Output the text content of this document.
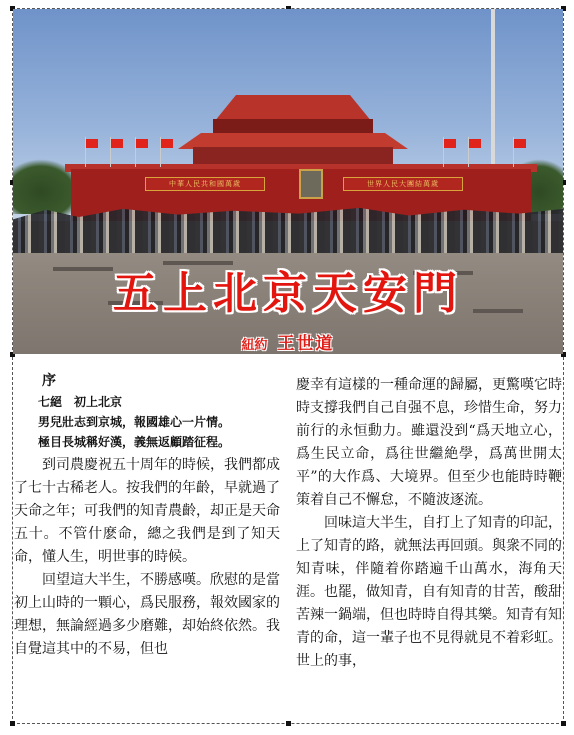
中華人民共和國萬歲	世界人民大團結萬歲
五上北京天安門
紐約 王世道

序

七絕　初上北京

男兒壯志到京城，報國雄心一片情。

極目長城稱好漢，義無返顧踏征程。

到司農慶祝五十周年的時候，我們都成了七十古稀老人。按我們的年齡，早就過了天命之年；可我們的知青農齡，却正是天命五十。不管什麽命，總之我們是到了知天命，懂人生，明世事的時候。

回望這大半生，不勝感嘆。欣慰的是當初上山時的一顆心，爲民服務，報效國家的理想，無論經過多少磨難，却始終依然。我自覺這其中的不易，但也

慶幸有這樣的一種命運的歸屬，更驚嘆它時時支撐我們自己自强不息，珍惜生命，努力前行的永恒動力。雖還没到“爲天地立心，爲生民立命，爲往世繼絶學，爲萬世開太平”的大作爲、大境界。但至少也能時時鞭策着自己不懈怠，不隨波逐流。

回味這大半生，自打上了知青的印記，上了知青的路，就無法再回頭。與衆不同的知青味，伴隨着你踏遍千山萬水，海角天涯。也罷，做知青，自有知青的甘苦，酸甜苦辣一鍋端，但也時時自得其樂。知青有知青的命，這一輩子也不見得就見不着彩虹。世上的事，
